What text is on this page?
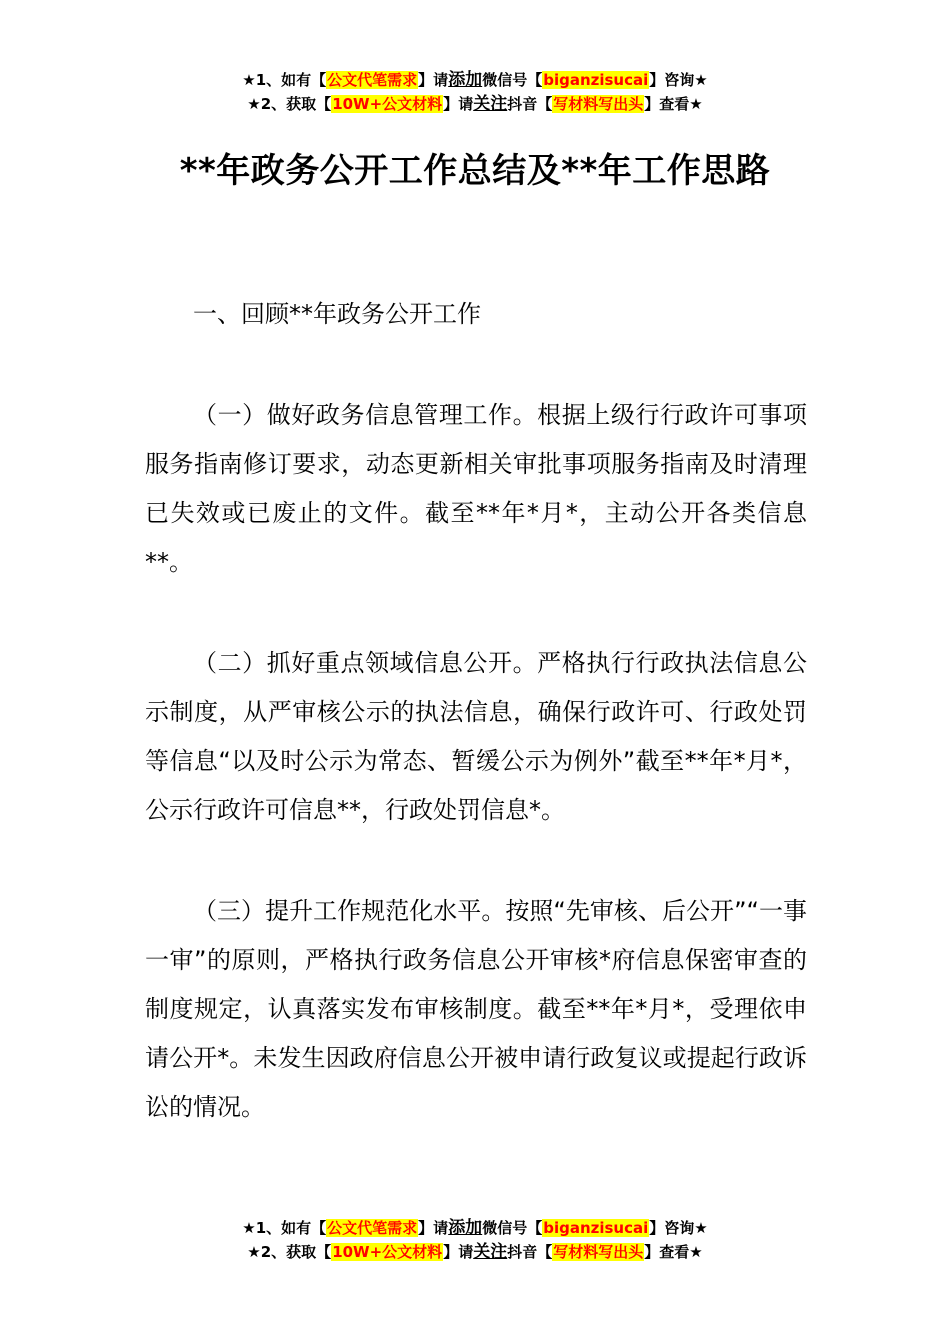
★1、如有【公文代笔需求】请添加微信号【biganzisucai】咨询★
★2、获取【10W+公文材料】请关注抖音【写材料写出头】查看★
**年政务公开工作总结及**年工作思路

一、回顾**年政务公开工作

（一）做好政务信息管理工作。根据上级行行政许可事项服务指南修订要求，动态更新相关审批事项服务指南及时清理已失效或已废止的文件。截至**年*月*，主动公开各类信息**。

（二）抓好重点领域信息公开。严格执行行政执法信息公示制度，从严审核公示的执法信息，确保行政许可、行政处罚等信息“以及时公示为常态、暂缓公示为例外”截至**年*月*，公示行政许可信息**，行政处罚信息*。

（三）提升工作规范化水平。按照“先审核、后公开”“一事一审”的原则，严格执行政务信息公开审核*府信息保密审查的制度规定，认真落实发布审核制度。截至**年*月*，受理依申请公开*。未发生因政府信息公开被申请行政复议或提起行政诉讼的情况。

★1、如有【公文代笔需求】请添加微信号【biganzisucai】咨询★
★2、获取【10W+公文材料】请关注抖音【写材料写出头】查看★
